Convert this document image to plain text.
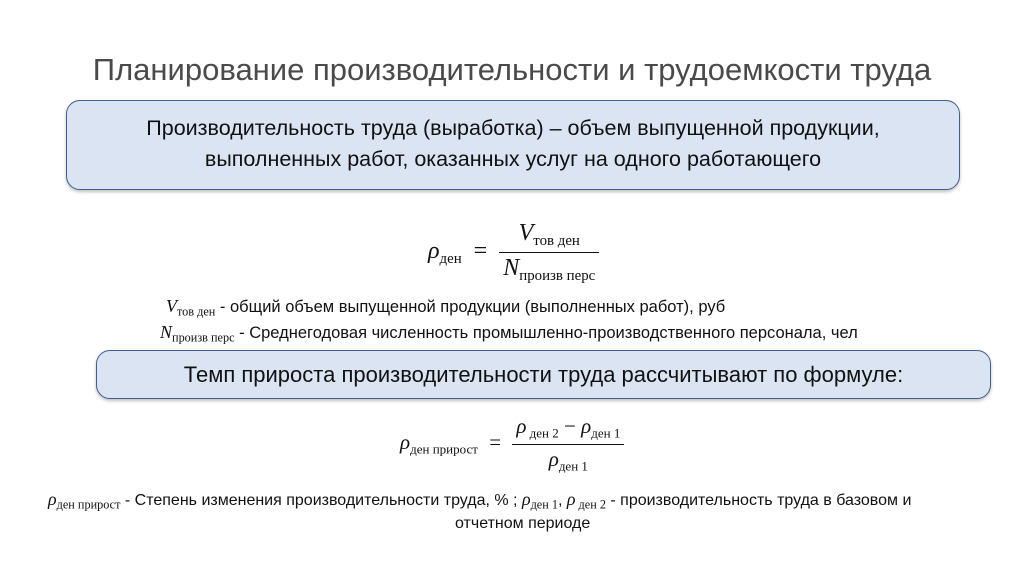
Планирование производительности и трудоемкости труда
Производительность труда (выработка) – объем выпущенной продукции,
выполненных работ, оказанных услуг на одного работающего
$\rho_{ден} = \frac{V_{тов ден}}{N_{произв перс}}$
$V_{тов ден}$ - общий объем выпущенной продукции (выполненных работ), руб
$N_{произв перс}$ - Среднегодовая численность промышленно-производственного персонала, чел
Темп прироста производительности труда рассчитывают по формуле:
$\rho_{ден прирост} = \frac{\rho _{ден 2} - \rho_{ден 1}}{\rho_{ден 1}}$
$\rho_{ден прирост}$ - Степень изменения производительности труда, % ; $\rho_{ден 1}$, ρ $_{ден 2}$ - производительность труда в базовом и
отчетном периоде
